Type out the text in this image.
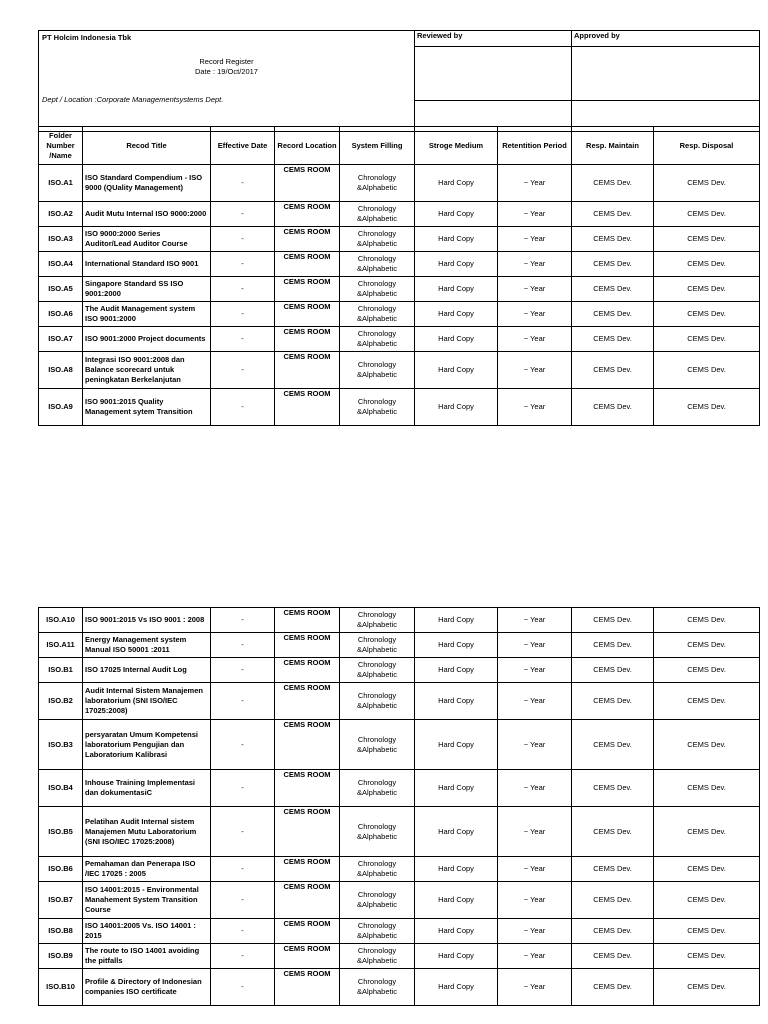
PT Holcim Indonesia Tbk
Record Register
Date : 19/Oct/2017
Dept / Location :Corporate Managementsystems Dept.	Reviewed by	Approved by

Folder Number /Name	Recod Title	Effective Date	Record Location	System Filling	Stroge Medium	Retentition Period	Resp. Maintain	Resp. Disposal
ISO.A1	ISO Standard Compendium - ISO 9000 (QUality Management)	-	CEMS ROOM	Chronology &Alphabetic	Hard Copy	~ Year	CEMS Dev.	CEMS Dev.
ISO.A2	Audit Mutu Internal ISO 9000:2000	-	CEMS ROOM	Chronology &Alphabetic	Hard Copy	~ Year	CEMS Dev.	CEMS Dev.
ISO.A3	ISO 9000:2000 Series Auditor/Lead Auditor Course	-	CEMS ROOM	Chronology &Alphabetic	Hard Copy	~ Year	CEMS Dev.	CEMS Dev.
ISO.A4	International Standard ISO 9001	-	CEMS ROOM	Chronology &Alphabetic	Hard Copy	~ Year	CEMS Dev.	CEMS Dev.
ISO.A5	Singapore Standard SS ISO 9001:2000	-	CEMS ROOM	Chronology &Alphabetic	Hard Copy	~ Year	CEMS Dev.	CEMS Dev.
ISO.A6	The Audit Management system ISO 9001:2000	-	CEMS ROOM	Chronology &Alphabetic	Hard Copy	~ Year	CEMS Dev.	CEMS Dev.
ISO.A7	ISO 9001:2000 Project documents	-	CEMS ROOM	Chronology &Alphabetic	Hard Copy	~ Year	CEMS Dev.	CEMS Dev.
ISO.A8	Integrasi ISO 9001:2008 dan Balance scorecard untuk peningkatan Berkelanjutan	-	CEMS ROOM	Chronology &Alphabetic	Hard Copy	~ Year	CEMS Dev.	CEMS Dev.
ISO.A9	ISO 9001:2015 Quality Management sytem Transition	-	CEMS ROOM	Chronology &Alphabetic	Hard Copy	~ Year	CEMS Dev.	CEMS Dev.
ISO.A10	ISO 9001:2015 Vs ISO 9001 : 2008	-	CEMS ROOM	Chronology &Alphabetic	Hard Copy	~ Year	CEMS Dev.	CEMS Dev.
ISO.A11	Energy Management system Manual ISO 50001 :2011	-	CEMS ROOM	Chronology &Alphabetic	Hard Copy	~ Year	CEMS Dev.	CEMS Dev.
ISO.B1	ISO 17025 Internal Audit Log	-	CEMS ROOM	Chronology &Alphabetic	Hard Copy	~ Year	CEMS Dev.	CEMS Dev.
ISO.B2	Audit Internal Sistem Manajemen laboratorium (SNI ISO/IEC 17025:2008)	-	CEMS ROOM	Chronology &Alphabetic	Hard Copy	~ Year	CEMS Dev.	CEMS Dev.
ISO.B3	persyaratan Umum Kompetensi laboratorium Pengujian dan Laboratorium Kalibrasi	-	CEMS ROOM	Chronology &Alphabetic	Hard Copy	~ Year	CEMS Dev.	CEMS Dev.
ISO.B4	Inhouse Training Implementasi dan dokumentasiC	-	CEMS ROOM	Chronology &Alphabetic	Hard Copy	~ Year	CEMS Dev.	CEMS Dev.
ISO.B5	Pelatihan Audit Internal sistem Manajemen Mutu Laboratorium (SNI ISO/IEC 17025:2008)	-	CEMS ROOM	Chronology &Alphabetic	Hard Copy	~ Year	CEMS Dev.	CEMS Dev.
ISO.B6	Pemahaman dan Penerapa ISO /IEC 17025 : 2005	-	CEMS ROOM	Chronology &Alphabetic	Hard Copy	~ Year	CEMS Dev.	CEMS Dev.
ISO.B7	ISO 14001:2015 - Environmental Manahement System Transition Course	-	CEMS ROOM	Chronology &Alphabetic	Hard Copy	~ Year	CEMS Dev.	CEMS Dev.
ISO.B8	ISO 14001:2005 Vs. ISO 14001 : 2015	-	CEMS ROOM	Chronology &Alphabetic	Hard Copy	~ Year	CEMS Dev.	CEMS Dev.
ISO.B9	The route to ISO 14001 avoiding the pitfalls	-	CEMS ROOM	Chronology &Alphabetic	Hard Copy	~ Year	CEMS Dev.	CEMS Dev.
ISO.B10	Profile & Directory of Indonesian companies ISO certificate	-	CEMS ROOM	Chronology &Alphabetic	Hard Copy	~ Year	CEMS Dev.	CEMS Dev.
